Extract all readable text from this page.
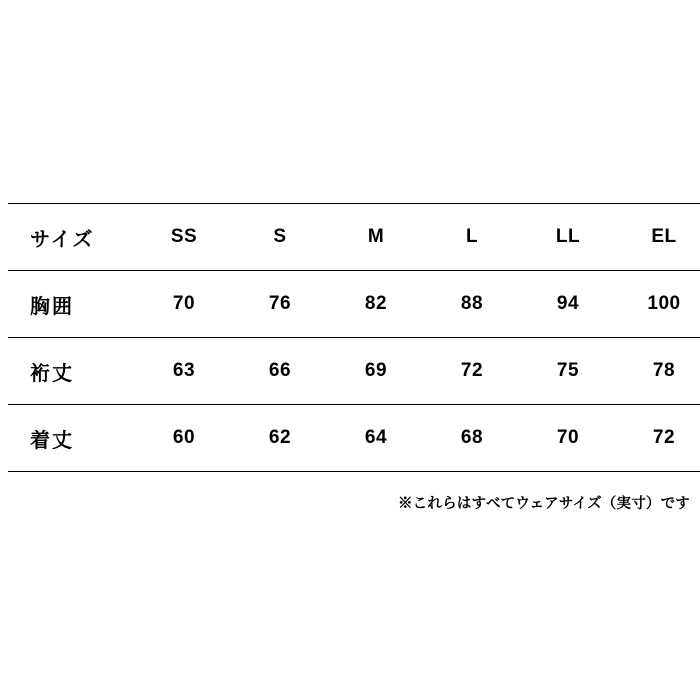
サイズ	SS	S	M	L	LL	EL
胸囲	70	76	82	88	94	100
裄丈	63	66	69	72	75	78
着丈	60	62	64	68	70	72
※これらはすべてウェアサイズ（実寸）です
